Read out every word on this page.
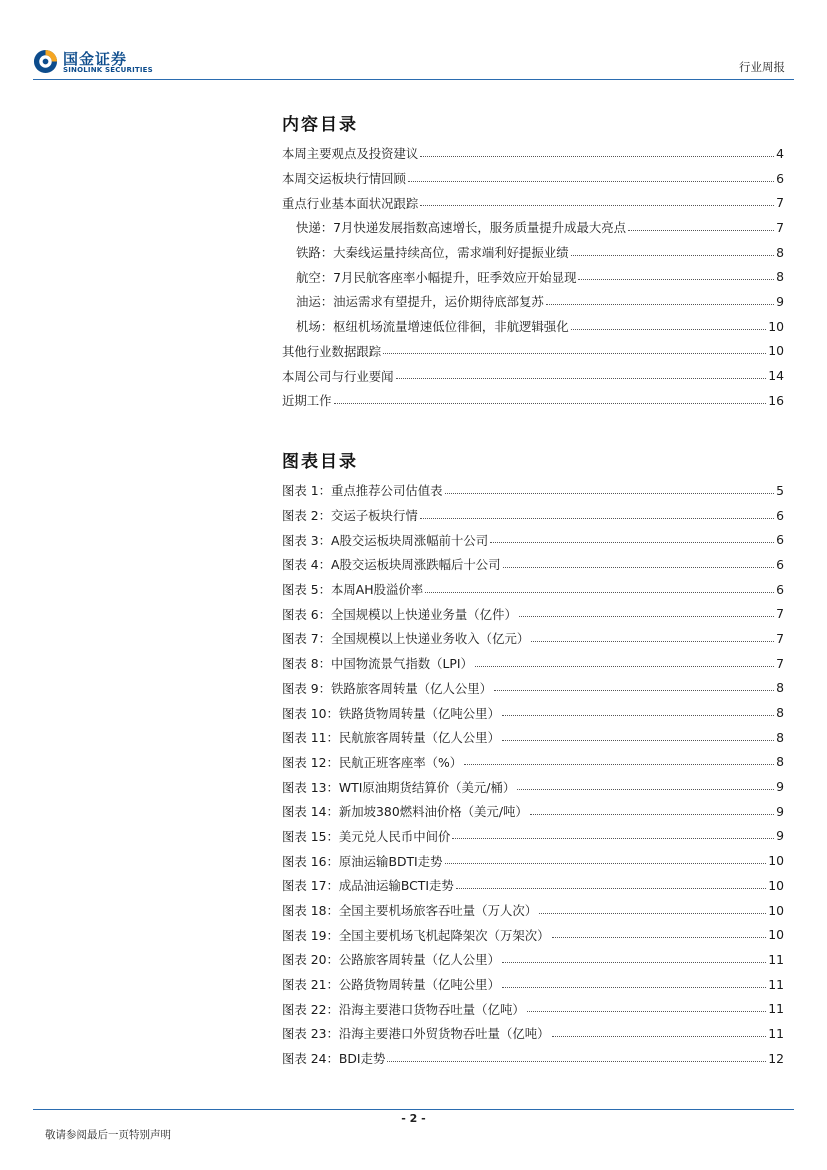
国金证券
SINOLINK SECURITIES	行业周报
内容目录
本周主要观点及投资建议	4
本周交运板块行情回顾	6
重点行业基本面状况跟踪	7
快递：7月快递发展指数高速增长，服务质量提升成最大亮点	7
铁路：大秦线运量持续高位，需求端利好提振业绩	8
航空：7月民航客座率小幅提升，旺季效应开始显现	8
油运：油运需求有望提升，运价期待底部复苏	9
机场：枢纽机场流量增速低位徘徊，非航逻辑强化	10
其他行业数据跟踪	10
本周公司与行业要闻	14
近期工作	16
图表目录
图表 1：重点推荐公司估值表	5
图表 2：交运子板块行情	6
图表 3：A股交运板块周涨幅前十公司	6
图表 4：A股交运板块周涨跌幅后十公司	6
图表 5：本周AH股溢价率	6
图表 6：全国规模以上快递业务量（亿件）	7
图表 7：全国规模以上快递业务收入（亿元）	7
图表 8：中国物流景气指数（LPI）	7
图表 9：铁路旅客周转量（亿人公里）	8
图表 10：铁路货物周转量（亿吨公里）	8
图表 11：民航旅客周转量（亿人公里）	8
图表 12：民航正班客座率（%）	8
图表 13：WTI原油期货结算价（美元/桶）	9
图表 14：新加坡380燃料油价格（美元/吨）	9
图表 15：美元兑人民币中间价	9
图表 16：原油运输BDTI走势	10
图表 17：成品油运输BCTI走势	10
图表 18：全国主要机场旅客吞吐量（万人次）	10
图表 19：全国主要机场飞机起降架次（万架次）	10
图表 20：公路旅客周转量（亿人公里）	11
图表 21：公路货物周转量（亿吨公里）	11
图表 22：沿海主要港口货物吞吐量（亿吨）	11
图表 23：沿海主要港口外贸货物吞吐量（亿吨）	11
图表 24：BDI走势	12
- 2 -
敬请参阅最后一页特别声明
